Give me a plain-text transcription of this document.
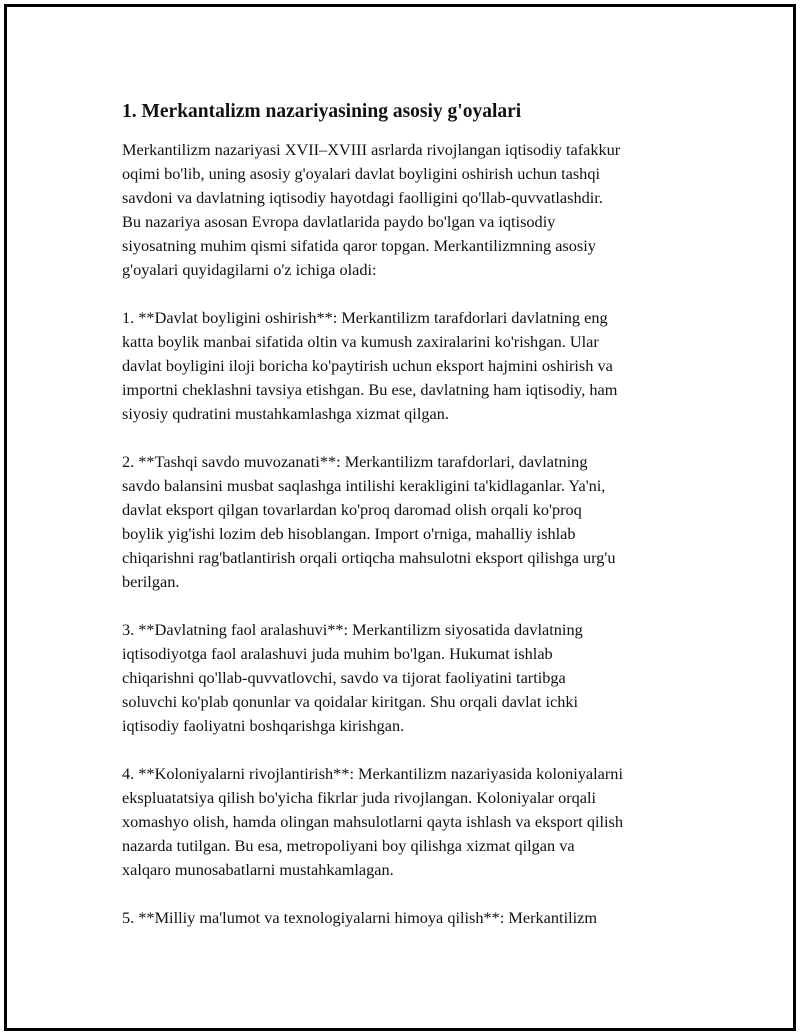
1. Merkantalizm nazariyasining asosiy g'oyalari

Merkantilizm nazariyasi XVII–XVIII asrlarda rivojlangan iqtisodiy tafakkur
oqimi bo'lib, uning asosiy g'oyalari davlat boyligini oshirish uchun tashqi
savdoni va davlatning iqtisodiy hayotdagi faolligini qo'llab-quvvatlashdir.
Bu nazariya asosan Evropa davlatlarida paydo bo'lgan va iqtisodiy
siyosatning muhim qismi sifatida qaror topgan. Merkantilizmning asosiy
g'oyalari quyidagilarni o'z ichiga oladi:

1. **Davlat boyligini oshirish**: Merkantilizm tarafdorlari davlatning eng
katta boylik manbai sifatida oltin va kumush zaxiralarini ko'rishgan. Ular
davlat boyligini iloji boricha ko'paytirish uchun eksport hajmini oshirish va
importni cheklashni tavsiya etishgan. Bu ese, davlatning ham iqtisodiy, ham
siyosiy qudratini mustahkamlashga xizmat qilgan.

2. **Tashqi savdo muvozanati**: Merkantilizm tarafdorlari, davlatning
savdo balansini musbat saqlashga intilishi kerakligini ta'kidlaganlar. Ya'ni,
davlat eksport qilgan tovarlardan ko'proq daromad olish orqali ko'proq
boylik yig'ishi lozim deb hisoblangan. Import o'rniga, mahalliy ishlab
chiqarishni rag'batlantirish orqali ortiqcha mahsulotni eksport qilishga urg'u
berilgan.

3. **Davlatning faol aralashuvi**: Merkantilizm siyosatida davlatning
iqtisodiyotga faol aralashuvi juda muhim bo'lgan. Hukumat ishlab
chiqarishni qo'llab-quvvatlovchi, savdo va tijorat faoliyatini tartibga
soluvchi ko'plab qonunlar va qoidalar kiritgan. Shu orqali davlat ichki
iqtisodiy faoliyatni boshqarishga kirishgan.

4. **Koloniyalarni rivojlantirish**: Merkantilizm nazariyasida koloniyalarni
ekspluatatsiya qilish bo'yicha fikrlar juda rivojlangan. Koloniyalar orqali
xomashyo olish, hamda olingan mahsulotlarni qayta ishlash va eksport qilish
nazarda tutilgan. Bu esa, metropoliyani boy qilishga xizmat qilgan va
xalqaro munosabatlarni mustahkamlagan.

5. **Milliy ma'lumot va texnologiyalarni himoya qilish**: Merkantilizm
